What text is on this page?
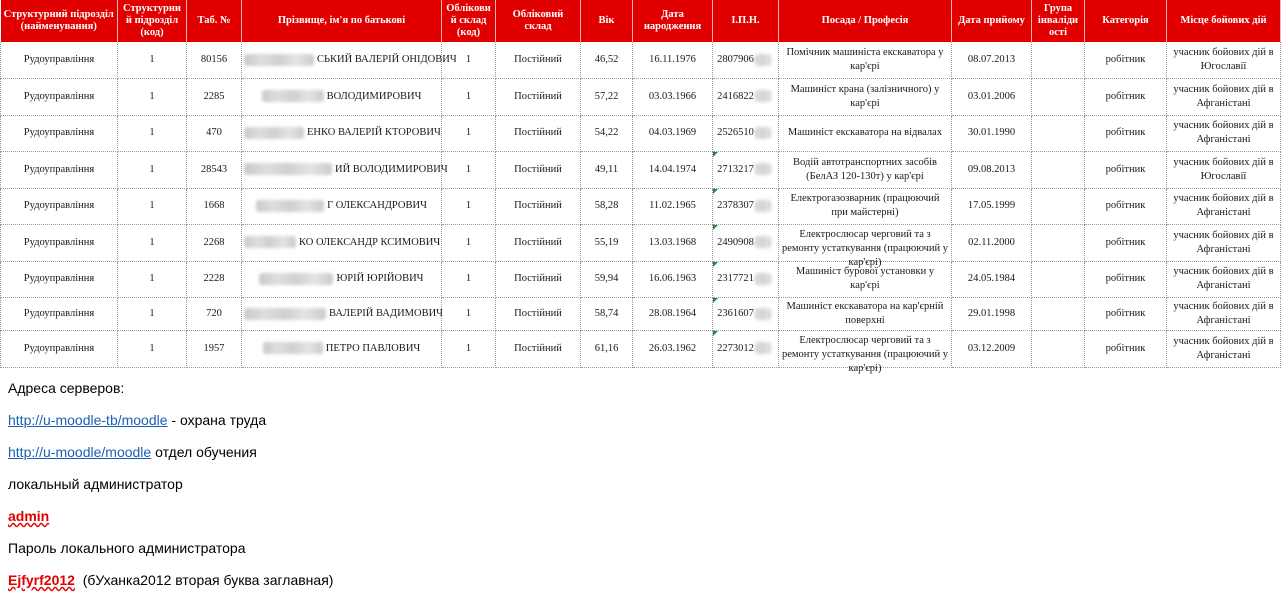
Структурний підрозділ (найменування)	Структурни й підрозділ (код)	Таб. №	Прізвище, ім'я по батькові	Облікови й склад (код)	Обліковий склад	Вік	Дата народження	І.П.Н.	Посада / Професія	Дата прийому	Група інваліди ості	Категорія	Місце бойових дій
Рудоуправління	1	80156	СЬКИЙ ВАЛЕРІЙ ОНІДОВИЧ	1	Постійний	46,52	16.11.1976	2807906	Помічник машиніста екскаватора у кар'єрі	08.07.2013		робітник	учасник бойових дій в Югославії

Рудоуправління	1	2285	ВОЛОДИМИРОВИЧ	1	Постійний	57,22	03.03.1966	2416822	Машиніст крана (залізничного) у кар'єрі	03.01.2006		робітник	учасник бойових дій в Афганістані

Рудоуправління	1	470	ЕНКО ВАЛЕРІЙ КТОРОВИЧ	1	Постійний	54,22	04.03.1969	2526510	Машиніст екскаватора на відвалах	30.01.1990		робітник	учасник бойових дій в Афганістані

Рудоуправління	1	28543	ИЙ ВОЛОДИМИРОВИЧ	1	Постійний	49,11	14.04.1974	2713217	Водій автотранспортних засобів (БелАЗ 120-130т) у кар'єрі	09.08.2013		робітник	учасник бойових дій в Югославії

Рудоуправління	1	1668	Г ОЛЕКСАНДРОВИЧ	1	Постійний	58,28	11.02.1965	2378307	Електрогазозварник (працюючий при майстерні)	17.05.1999		робітник	учасник бойових дій в Афганістані

Рудоуправління	1	2268	КО ОЛЕКСАНДР КСИМОВИЧ	1	Постійний	55,19	13.03.1968	2490908	Електрослюсар черговий та з ремонту устаткування (працюючий у кар'єрі)	02.11.2000		робітник	учасник бойових дій в Афганістані

Рудоуправління	1	2228	ЮРІЙ ЮРІЙОВИЧ	1	Постійний	59,94	16.06.1963	2317721	Машиніст бурової установки у кар'єрі	24.05.1984		робітник	учасник бойових дій в Афганістані

Рудоуправління	1	720	ВАЛЕРІЙ ВАДИМОВИЧ	1	Постійний	58,74	28.08.1964	2361607	Машиніст екскаватора на кар'єрній поверхні	29.01.1998		робітник	учасник бойових дій в Афганістані

Рудоуправління	1	1957	ПЕТРО ПАВЛОВИЧ	1	Постійний	61,16	26.03.1962	2273012	Електрослюсар черговий та з ремонту устаткування (працюючий у кар'єрі)	03.12.2009		робітник	учасник бойових дій в Афганістані

Адреса серверов:

http://u-moodle-tb/moodle - охрана труда

http://u-moodle/moodle отдел обучения

локальный администратор

admin

Пароль локального администратора

Ejfyrf2012 (бУханка2012 вторая буква заглавная)
